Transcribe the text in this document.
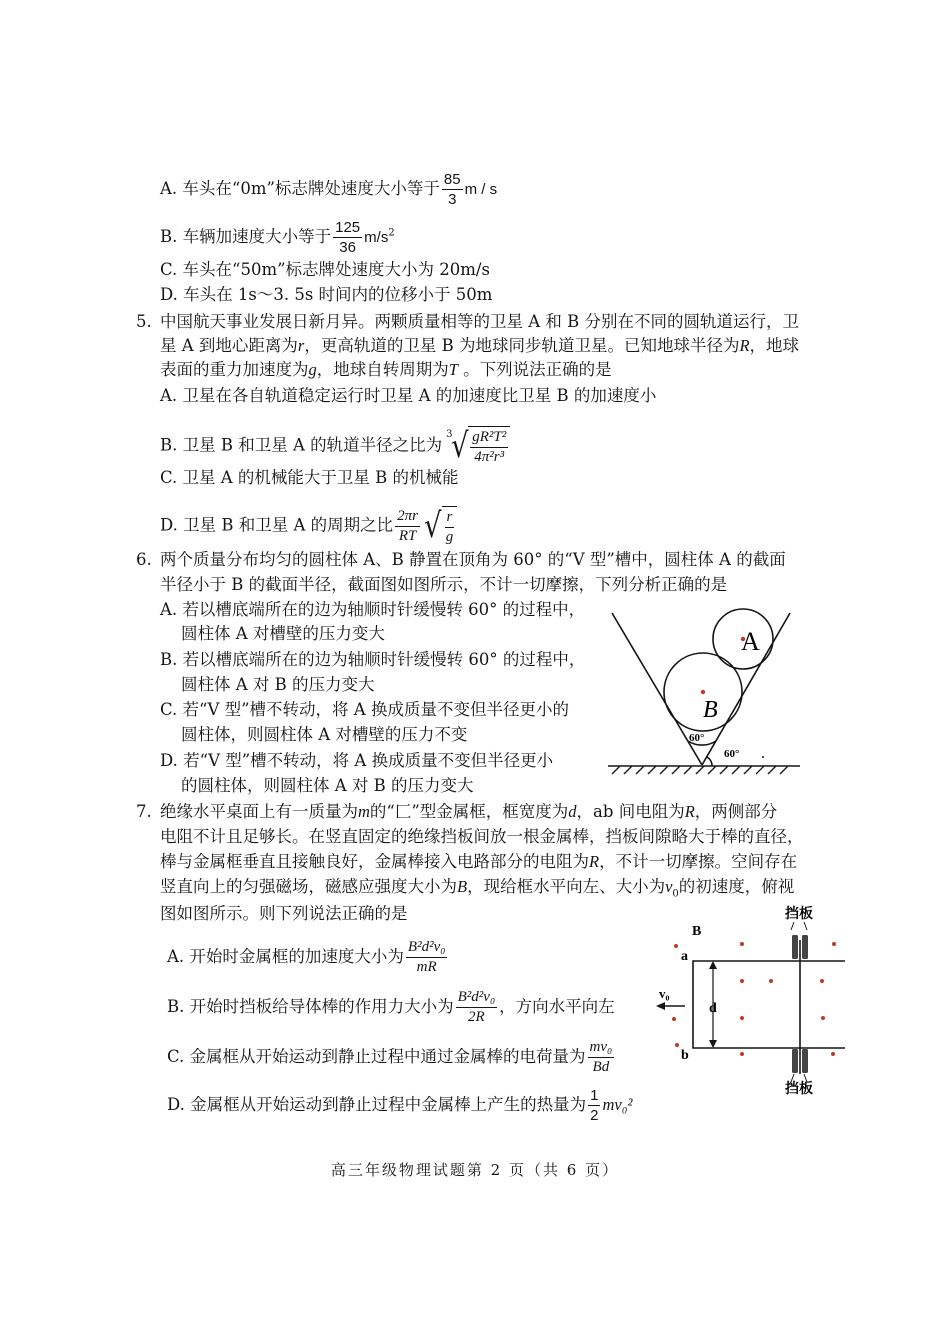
A. 车头在“0m”标志牌处速度大小等于 $\frac{85}{3}$ m / s
B. 车辆加速度大小等于 $\frac{125}{36} m/s^2$
C. 车头在“50m”标志牌处速度大小为 20m/s
D. 车头在 1s～3. 5s 时间内的位移小于 50m
5. 中国航天事业发展日新月异。两颗质量相等的卫星 A 和 B 分别在不同的圆轨道运行，卫
星 A 到地心距离为r，更高轨道的卫星 B 为地球同步轨道卫星。已知地球半径为R，地球
表面的重力加速度为g，地球自转周期为T 。下列说法正确的是
A. 卫星在各自轨道稳定运行时卫星 A 的加速度比卫星 B 的加速度小
B. 卫星 B 和卫星 A 的轨道半径之比为
3
√ $\frac{\text{gR²T²}}{\text{4π²r³}}$
C. 卫星 A 的机械能大于卫星 B 的机械能
D. 卫星 B 和卫星 A 的周期之比 $\frac{2\pi r}{RT}$ √ $\frac{r}{g}$
6. 两个质量分布均匀的圆柱体 A、B 静置在顶角为 60° 的“V 型”槽中，圆柱体 A 的截面
半径小于 B 的截面半径，截面图如图所示，不计一切摩擦，下列分析正确的是
A. 若以槽底端所在的边为轴顺时针缓慢转 60° 的过程中，
圆柱体 A 对槽壁的压力变大
B. 若以槽底端所在的边为轴顺时针缓慢转 60° 的过程中，
圆柱体 A 对 B 的压力变大
C. 若“V 型”槽不转动，将 A 换成质量不变但半径更小的
圆柱体，则圆柱体 A 对槽壁的压力不变
D. 若“V 型”槽不转动，将 A 换成质量不变但半径更小
的圆柱体，则圆柱体 A 对 B 的压力变大
A
B
60°
60°
7. 绝缘水平桌面上有一质量为m的“匚”型金属框，框宽度为d，ab 间电阻为R，两侧部分
电阻不计且足够长。在竖直固定的绝缘挡板间放一根金属棒，挡板间隙略大于棒的直径，
棒与金属框垂直且接触良好，金属棒接入电路部分的电阻为R，不计一切摩擦。空间存在
竖直向上的匀强磁场，磁感应强度大小为B，现给框水平向左、大小为$v_0$的初速度，俯视
图如图所示。则下列说法正确的是
A. 开始时金属框的加速度大小为 $\frac{\text{B²d²v₀}}{mR}$
B. 开始时挡板给导体棒的作用力大小为 $\frac{\text{B²d²v₀}}{2R}$ ，方向水平向左
C. 金属框从开始运动到静止过程中通过金属棒的电荷量为 $\frac{\text{mv₀}}{Bd}$
D. 金属框从开始运动到静止过程中金属棒上产生的热量为 $\frac{1}{2} mv_0^2$
挡板
B
a
b
d
v₀
挡板
高三年级物理试题第 2 页（共 6 页）
